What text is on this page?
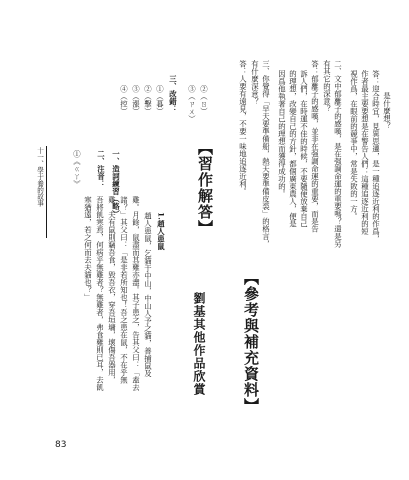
是什麼想？
答：迎合時宜，見異思遷，是一種追逐近利的作爲，
作者最主要要想是在警告人們：這種追逐近利的短
視作爲，在眼前的競爭中，常是失敗的一方。
二、文中郁離子的感嘆，是在强調命運的重要嗎？還是另
有其它的深意？
答：郁離子的感嘆，並非在强調命運的重要，而是告
訴人們，在時運不佳的時候，不要隨便放棄自己
的理想，改變自己的方針，都個廣東農人，便是
因爲他執著自己的理想而獲得成功的。
三、你覺得「早天要準備船，熱天要準備皮裘」的格言，
有什麼深意？
答：人要有遠見，不要一味地追逐近利。
【習作解答】
一、造詞練習（略）
二、注音：
①《ㄍㄚ》
十一、學于養的故事
②（ㄖ）
③（ㄗㄨ）
三、改錯：
①（暮）
②（擊）
③（漲）
④（控）
【參考與補充資料】
劉基其他作品欣賞
1.趙人患鼠
趙人患鼠，乞貓于中山，中山人予之貓，善捕鼠及
雞。月餘，鼠盡而其雞亦盡。其子患之，告其父曰：「盍去
諸？」其父曰：「是非若所知也！吾之患在鼠，不在乎無
雞。夫有鼠則竊吾食，毀吾衣，穿吾垣墉，壞傷吾器用，
吾將飢寒焉，何病乎無雞者？無雞者，弗食雞則已耳，去飢
寒猶遠，若之何而去夫貓也？」
83
